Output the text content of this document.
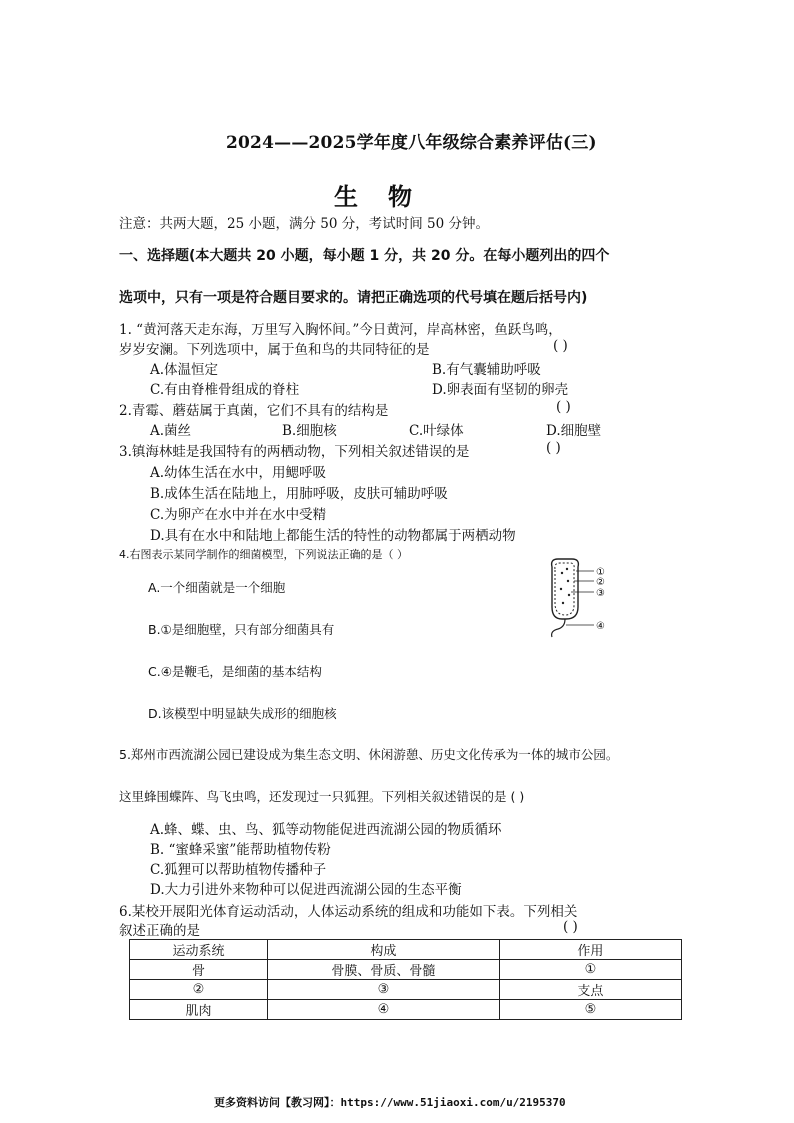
2024——2025学年度八年级综合素养评估(三)
生物
注意：共两大题，25 小题，满分 50 分，考试时间 50 分钟。
一、选择题(本大题共 20 小题，每小题 1 分，共 20 分。在每小题列出的四个
选项中，只有一项是符合题目要求的。请把正确选项的代号填在题后括号内)
1. “黄河落天走东海，万里写入胸怀间。”今日黄河，岸高林密，鱼跃鸟鸣，
岁岁安澜。下列选项中，属于鱼和鸟的共同特征的是	( )
A.体温恒定	B.有气囊辅助呼吸
C.有由脊椎骨组成的脊柱	D.卵表面有坚韧的卵壳
2.青霉、蘑菇属于真菌，它们不具有的结构是	( )
A.菌丝	B.细胞核	C.叶绿体	D.细胞壁
3.镇海林蛙是我国特有的两栖动物，下列相关叙述错误的是	( )
A.幼体生活在水中，用鳃呼吸
B.成体生活在陆地上，用肺呼吸，皮肤可辅助呼吸
C.为卵产在水中并在水中受精
D.具有在水中和陆地上都能生活的特性的动物都属于两栖动物
4.右图表示某同学制作的细菌模型，下列说法正确的是（ ）
A.一个细菌就是一个细胞
B.①是细胞壁，只有部分细菌具有
C.④是鞭毛，是细菌的基本结构
D.该模型中明显缺失成形的细胞核
①
②
③
④
5.郑州市西流湖公园已建设成为集生态文明、休闲游憩、历史文化传承为一体的城市公园。
这里蜂围蝶阵、鸟飞虫鸣，还发现过一只狐狸。下列相关叙述错误的是 ( )
A.蜂、蝶、虫、鸟、狐等动物能促进西流湖公园的物质循环
B. “蜜蜂采蜜”能帮助植物传粉
C.狐狸可以帮助植物传播种子
D.大力引进外来物种可以促进西流湖公园的生态平衡
6.某校开展阳光体育运动活动，人体运动系统的组成和功能如下表。下列相关
叙述正确的是	( )
运动系统	构成	作用
骨	骨膜、骨质、骨髓	①
②	③	支点
肌肉	④	⑤
更多资料访问【教习网】：https://www.51jiaoxi.com/u/2195370
